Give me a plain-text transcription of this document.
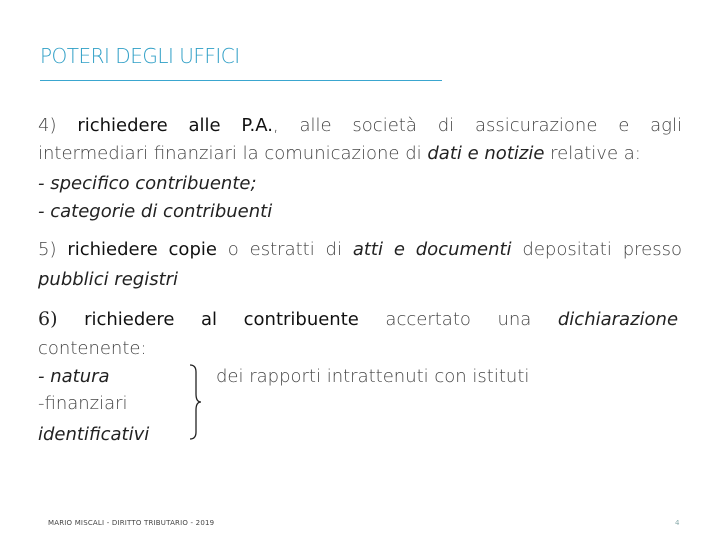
POTERI DEGLI UFFICI
4) richiedere alle P.A., alle società di assicurazione e agli
intermediari finanziari la comunicazione di dati e notizie relative a:
- specifico contribuente;
- categorie di contribuenti
5) richiedere copie o estratti di atti e documenti depositati presso
pubblici registri
6) richiedere al contribuente accertato una dichiarazione
contenente:
- natura
-finanziari
identificativi
dei rapporti intrattenuti con istituti
MARIO MISCALI - DIRITTO TRIBUTARIO - 2019	4
